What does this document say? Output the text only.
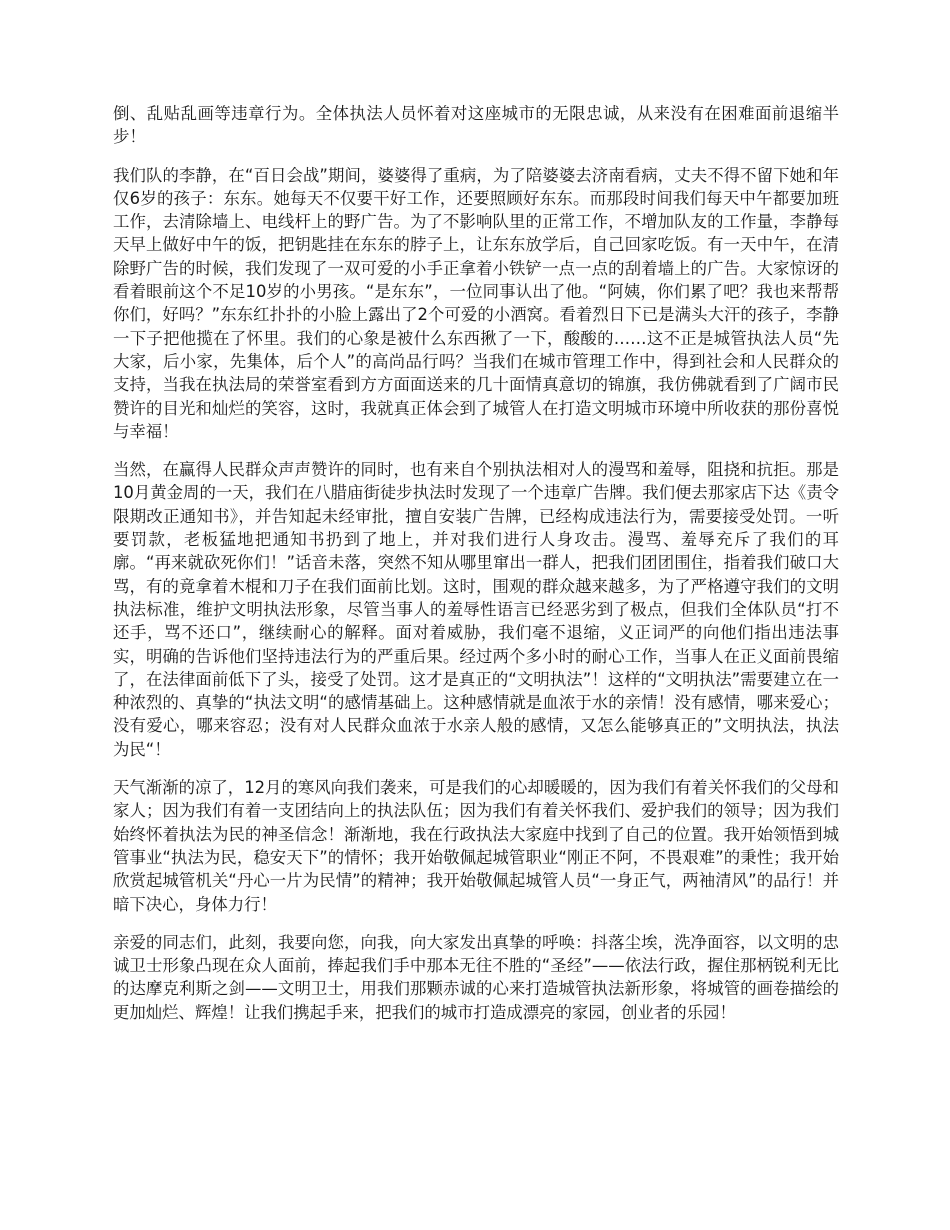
倒、乱贴乱画等违章行为。全体执法人员怀着对这座城市的无限忠诚，从来没有在困难面前退缩半步！

我们队的李静，在“百日会战”期间，婆婆得了重病，为了陪婆婆去济南看病，丈夫不得不留下她和年仅6岁的孩子：东东。她每天不仅要干好工作，还要照顾好东东。而那段时间我们每天中午都要加班工作，去清除墙上、电线杆上的野广告。为了不影响队里的正常工作，不增加队友的工作量，李静每天早上做好中午的饭，把钥匙挂在东东的脖子上，让东东放学后，自己回家吃饭。有一天中午，在清除野广告的时候，我们发现了一双可爱的小手正拿着小铁铲一点一点的刮着墙上的广告。大家惊讶的看着眼前这个不足10岁的小男孩。“是东东”，一位同事认出了他。“阿姨，你们累了吧？我也来帮帮你们，好吗？”东东红扑扑的小脸上露出了2个可爱的小酒窝。看着烈日下已是满头大汗的孩子，李静一下子把他揽在了怀里。我们的心象是被什么东西揪了一下，酸酸的……这不正是城管执法人员“先大家，后小家，先集体，后个人”的高尚品行吗？当我们在城市管理工作中，得到社会和人民群众的支持，当我在执法局的荣誉室看到方方面面送来的几十面情真意切的锦旗，我仿佛就看到了广阔市民赞许的目光和灿烂的笑容，这时，我就真正体会到了城管人在打造文明城市环境中所收获的那份喜悦与幸福！

当然，在赢得人民群众声声赞许的同时，也有来自个别执法相对人的漫骂和羞辱，阻挠和抗拒。那是10月黄金周的一天，我们在八腊庙街徒步执法时发现了一个违章广告牌。我们便去那家店下达《责令限期改正通知书》，并告知起未经审批，擅自安装广告牌，已经构成违法行为，需要接受处罚。一听要罚款，老板猛地把通知书扔到了地上，并对我们进行人身攻击。漫骂、羞辱充斥了我们的耳廓。“再来就砍死你们！”话音未落，突然不知从哪里窜出一群人，把我们团团围住，指着我们破口大骂，有的竟拿着木棍和刀子在我们面前比划。这时，围观的群众越来越多，为了严格遵守我们的文明执法标准，维护文明执法形象，尽管当事人的羞辱性语言已经恶劣到了极点，但我们全体队员“打不还手，骂不还口”，继续耐心的解释。面对着威胁，我们毫不退缩，义正词严的向他们指出违法事实，明确的告诉他们坚持违法行为的严重后果。经过两个多小时的耐心工作，当事人在正义面前畏缩了，在法律面前低下了头，接受了处罚。这才是真正的“文明执法”！这样的“文明执法”需要建立在一种浓烈的、真挚的“执法文明“的感情基础上。这种感情就是血浓于水的亲情！没有感情，哪来爱心；没有爱心，哪来容忍；没有对人民群众血浓于水亲人般的感情，又怎么能够真正的”文明执法，执法为民“！

天气渐渐的凉了，12月的寒风向我们袭来，可是我们的心却暖暖的，因为我们有着关怀我们的父母和家人；因为我们有着一支团结向上的执法队伍；因为我们有着关怀我们、爱护我们的领导；因为我们始终怀着执法为民的神圣信念！渐渐地，我在行政执法大家庭中找到了自己的位置。我开始领悟到城管事业“执法为民，稳安天下”的情怀；我开始敬佩起城管职业“刚正不阿，不畏艰难”的秉性；我开始欣赏起城管机关“丹心一片为民情”的精神；我开始敬佩起城管人员“一身正气，两袖清风”的品行！并暗下决心，身体力行！

亲爱的同志们，此刻，我要向您，向我，向大家发出真挚的呼唤：抖落尘埃，洗净面容，以文明的忠诚卫士形象凸现在众人面前，捧起我们手中那本无往不胜的“圣经”——依法行政，握住那柄锐利无比的达摩克利斯之剑——文明卫士，用我们那颗赤诚的心来打造城管执法新形象，将城管的画卷描绘的更加灿烂、辉煌！让我们携起手来，把我们的城市打造成漂亮的家园，创业者的乐园！
